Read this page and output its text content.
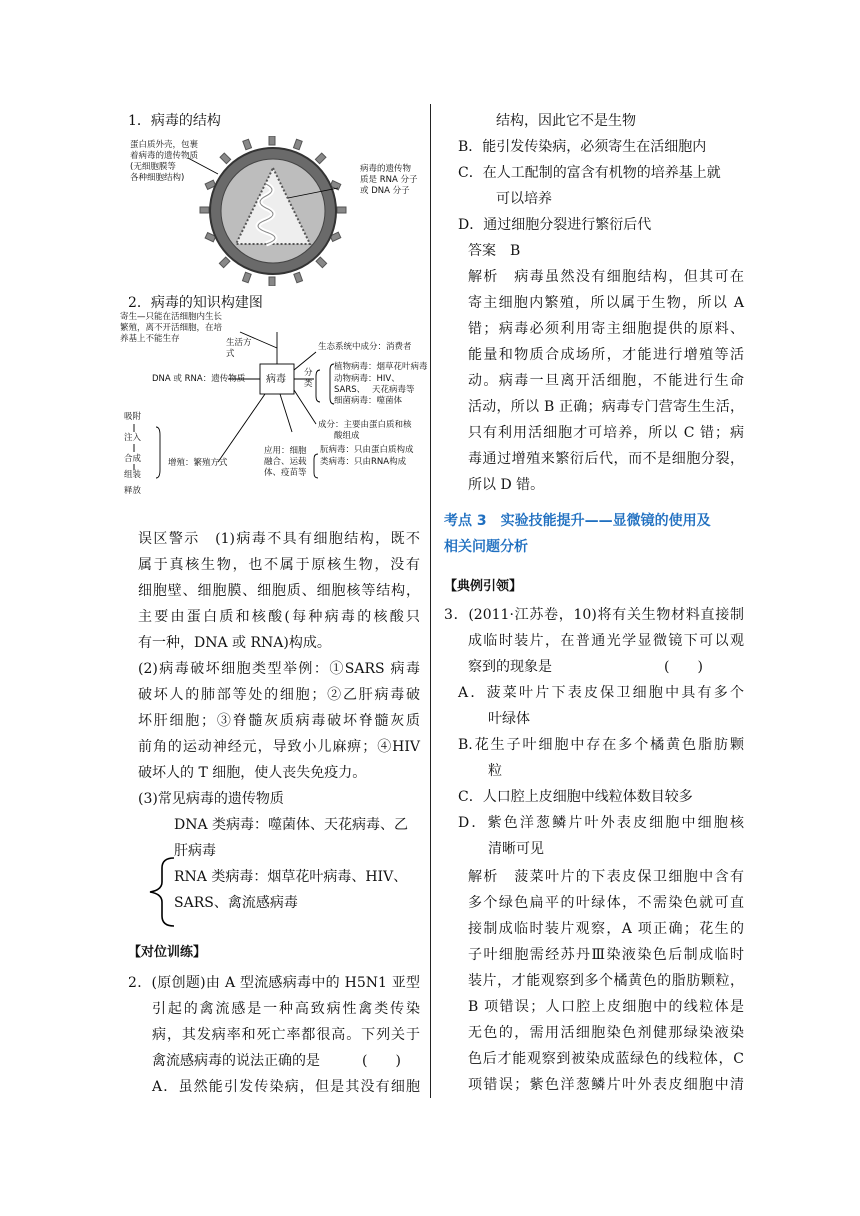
1．病毒的结构

蛋白质外壳，包裹
着病毒的遗传物质
(无细胞膜等
各种细胞结构)
病毒的遗传物
质是 RNA 分子
或 DNA 分子

2．病毒的知识构建图

寄生—只能在活细胞内生长
繁殖，离不开活细胞，在培
养基上不能生存	生活方式
生态系统中成分：消费者
分类
植物病毒：烟草花叶病毒
动物病毒：HIV、SARS、 天花病毒等
细菌病毒：噬菌体
病毒
DNA 或 RNA：遗传物质
吸附
注入
合成
组装
释放
增殖：繁殖方式
应用：细胞
融合、运载
体、疫苗等
成分：主要由蛋白质和核
酸组成
朊病毒：只由蛋白质构成
类病毒：只由RNA构成

误区警示　(1)病毒不具有细胞结构，既不

属于真核生物，也不属于原核生物，没有

细胞壁、细胞膜、细胞质、细胞核等结构，

主要由蛋白质和核酸(每种病毒的核酸只

有一种，DNA 或 RNA)构成。

(2)病毒破坏细胞类型举例：①SARS 病毒

破坏人的肺部等处的细胞；②乙肝病毒破

坏肝细胞；③脊髓灰质病毒破坏脊髓灰质

前角的运动神经元，导致小儿麻痹；④HIV

破坏人的 T 细胞，使人丧失免疫力。

(3)常见病毒的遗传物质

DNA 类病毒：噬菌体、天花病毒、乙

肝病毒

RNA 类病毒：烟草花叶病毒、HIV、

SARS、禽流感病毒

【对位训练】

2．(原创题)由 A 型流感病毒中的 H5N1 亚型

引起的禽流感是一种高致病性禽类传染

病，其发病率和死亡率都很高。下列关于

禽流感病毒的说法正确的是　　　(　　)

A．虽然能引发传染病，但是其没有细胞

结构，因此它不是生物

B．能引发传染病，必须寄生在活细胞内

C．在人工配制的富含有机物的培养基上就

可以培养

D．通过细胞分裂进行繁衍后代

答案　B

解析　病毒虽然没有细胞结构，但其可在

寄主细胞内繁殖，所以属于生物，所以 A

错；病毒必须利用寄主细胞提供的原料、

能量和物质合成场所，才能进行增殖等活

动。病毒一旦离开活细胞，不能进行生命

活动，所以 B 正确；病毒专门营寄生生活，

只有利用活细胞才可培养，所以 C 错；病

毒通过增殖来繁衍后代，而不是细胞分裂，

所以 D 错。

考点 3　实验技能提升——显微镜的使用及

相关问题分析

【典例引领】

3．(2011·江苏卷，10)将有关生物材料直接制

成临时装片，在普通光学显微镜下可以观

察到的现象是　　　　　　　　(　　)

A．菠菜叶片下表皮保卫细胞中具有多个

叶绿体

B.花生子叶细胞中存在多个橘黄色脂肪颗

粒

C．人口腔上皮细胞中线粒体数目较多

D．紫色洋葱鳞片叶外表皮细胞中细胞核

清晰可见

解析　菠菜叶片的下表皮保卫细胞中含有

多个绿色扁平的叶绿体，不需染色就可直

接制成临时装片观察，A 项正确；花生的

子叶细胞需经苏丹Ⅲ染液染色后制成临时

装片，才能观察到多个橘黄色的脂肪颗粒，

B 项错误；人口腔上皮细胞中的线粒体是

无色的，需用活细胞染色剂健那绿染液染

色后才能观察到被染成蓝绿色的线粒体，C

项错误；紫色洋葱鳞片叶外表皮细胞中清
